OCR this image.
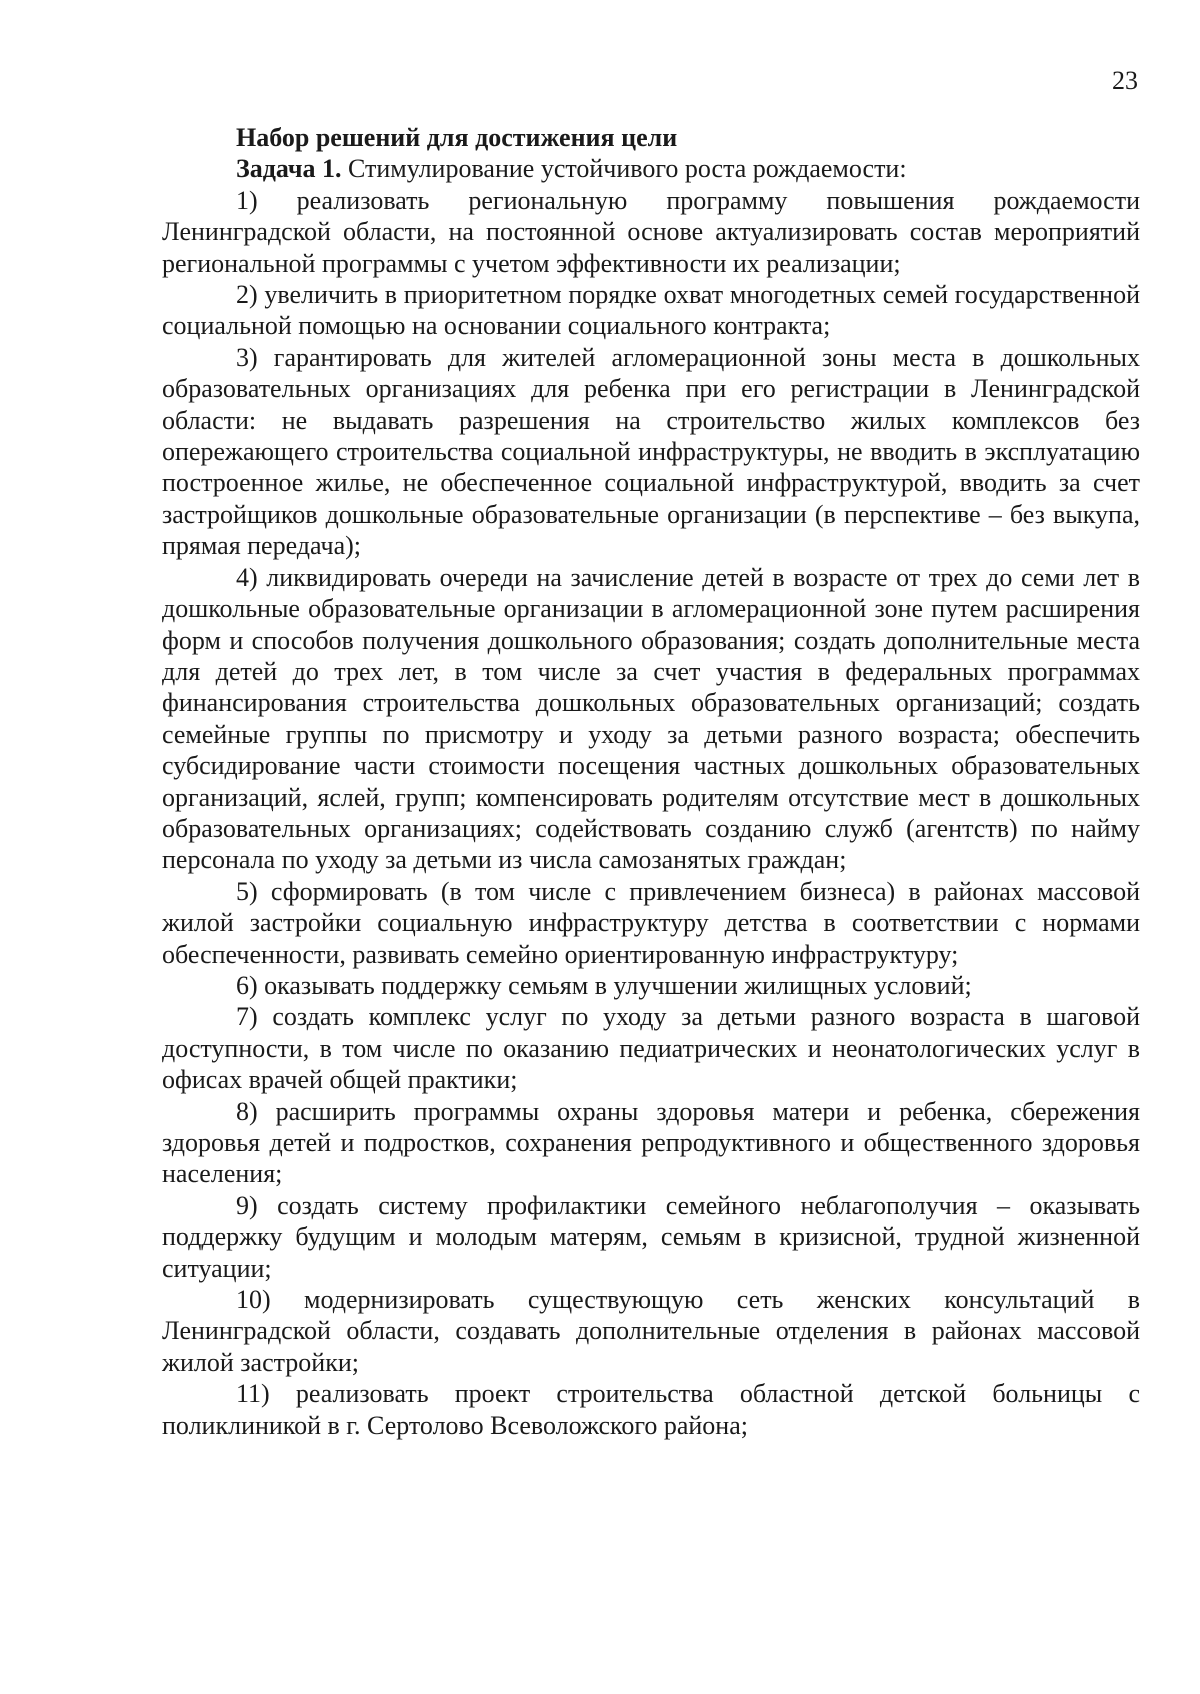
23

Набор решений для достижения цели

Задача 1. Стимулирование устойчивого роста рождаемости:

1) реализовать региональную программу повышения рождаемости Ленинградской области, на постоянной основе актуализировать состав мероприятий региональной программы с учетом эффективности их реализации;

2) увеличить в приоритетном порядке охват многодетных семей государственной социальной помощью на основании социального контракта;

3) гарантировать для жителей агломерационной зоны места в дошкольных образовательных организациях для ребенка при его регистрации в Ленинградской области: не выдавать разрешения на строительство жилых комплексов без опережающего строительства социальной инфраструктуры, не вводить в эксплуатацию построенное жилье, не обеспеченное социальной инфраструктурой, вводить за счет застройщиков дошкольные образовательные организации (в перспективе – без выкупа, прямая передача);

4) ликвидировать очереди на зачисление детей в возрасте от трех до семи лет в дошкольные образовательные организации в агломерационной зоне путем расширения форм и способов получения дошкольного образования; создать дополнительные места для детей до трех лет, в том числе за счет участия в федеральных программах финансирования строительства дошкольных образовательных организаций; создать семейные группы по присмотру и уходу за детьми разного возраста; обеспечить субсидирование части стоимости посещения частных дошкольных образовательных организаций, яслей, групп; компенсировать родителям отсутствие мест в дошкольных образовательных организациях; содействовать созданию служб (агентств) по найму персонала по уходу за детьми из числа самозанятых граждан;

5) сформировать (в том числе с привлечением бизнеса) в районах массовой жилой застройки социальную инфраструктуру детства в соответствии с нормами обеспеченности, развивать семейно ориентированную инфраструктуру;

6) оказывать поддержку семьям в улучшении жилищных условий;

7) создать комплекс услуг по уходу за детьми разного возраста в шаговой доступности, в том числе по оказанию педиатрических и неонатологических услуг в офисах врачей общей практики;

8) расширить программы охраны здоровья матери и ребенка, сбережения здоровья детей и подростков, сохранения репродуктивного и общественного здоровья населения;

9) создать систему профилактики семейного неблагополучия – оказывать поддержку будущим и молодым матерям, семьям в кризисной, трудной жизненной ситуации;

10) модернизировать существующую сеть женских консультаций в Ленинградской области, создавать дополнительные отделения в районах массовой жилой застройки;

11) реализовать проект строительства областной детской больницы с поликлиникой в г. Сертолово Всеволожского района;
